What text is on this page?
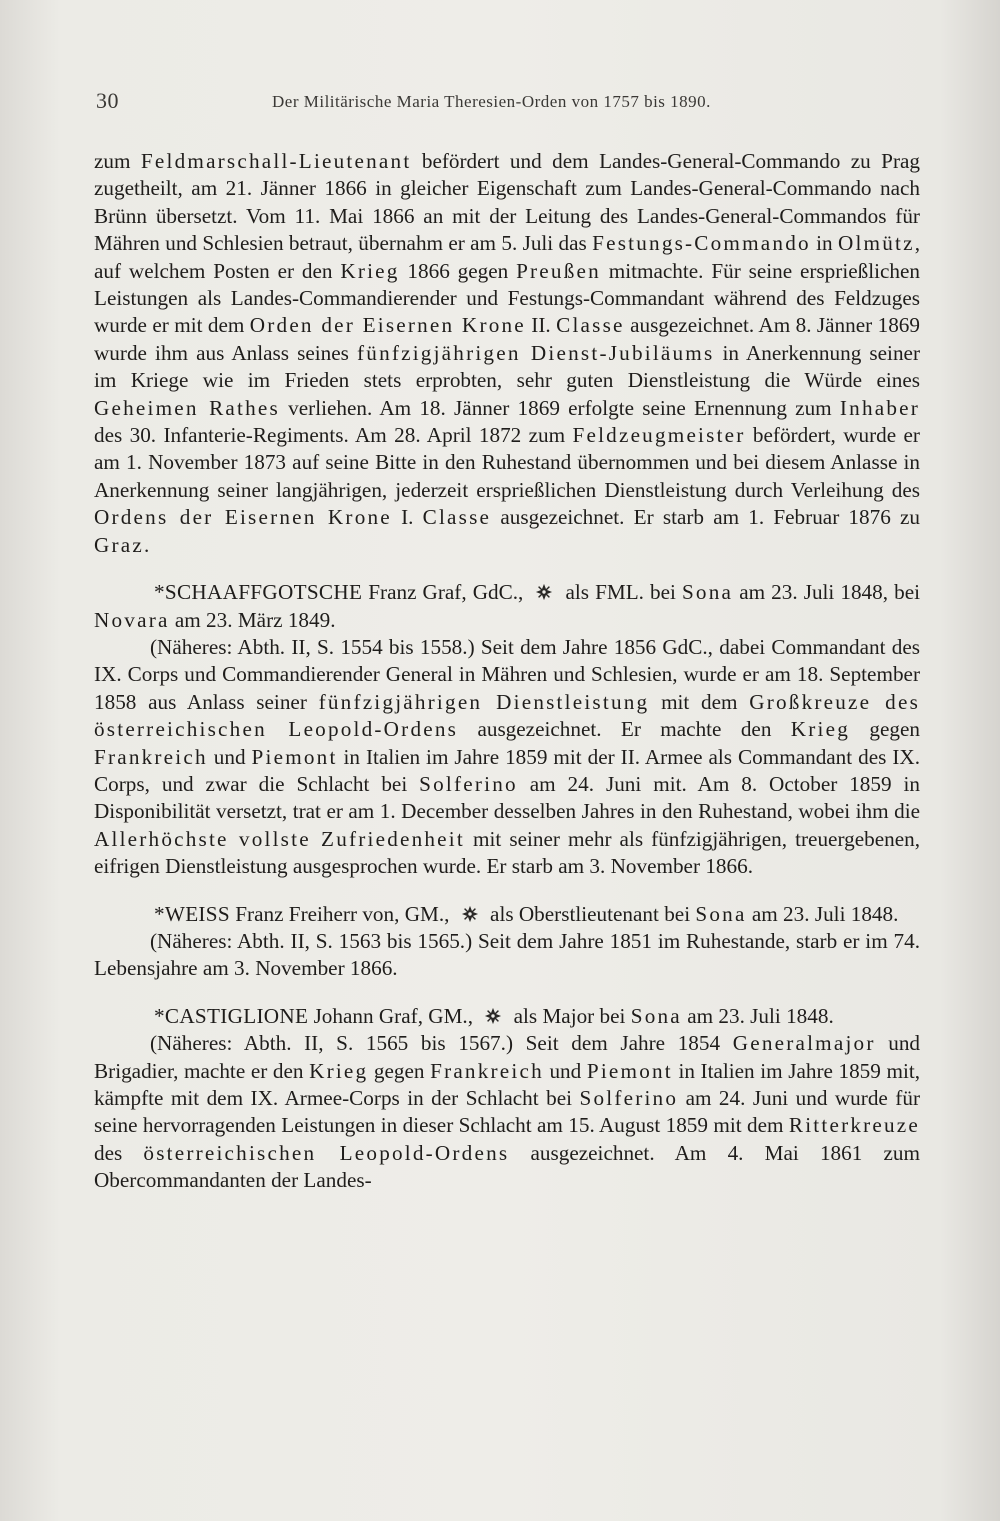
30	Der Militärische Maria Theresien-Orden von 1757 bis 1890.

zum Feldmarschall-Lieutenant befördert und dem Landes-General-Commando zu Prag zugetheilt, am 21. Jänner 1866 in gleicher Eigenschaft zum Landes-General-Commando nach Brünn übersetzt. Vom 11. Mai 1866 an mit der Leitung des Landes-General-Commandos für Mähren und Schlesien betraut, übernahm er am 5. Juli das Festungs-Commando in Olmütz, auf welchem Posten er den Krieg 1866 gegen Preußen mitmachte. Für seine ersprießlichen Leistungen als Landes-Commandierender und Festungs-Commandant während des Feldzuges wurde er mit dem Orden der Eisernen Krone II. Classe ausgezeichnet. Am 8. Jänner 1869 wurde ihm aus Anlass seines fünfzigjährigen Dienst-Jubiläums in Anerkennung seiner im Kriege wie im Frieden stets erprobten, sehr guten Dienstleistung die Würde eines Geheimen Rathes verliehen. Am 18. Jänner 1869 erfolgte seine Ernennung zum Inhaber des 30. Infanterie-Regiments. Am 28. April 1872 zum Feldzeugmeister befördert, wurde er am 1. November 1873 auf seine Bitte in den Ruhestand übernommen und bei diesem Anlasse in Anerkennung seiner langjährigen, jederzeit ersprießlichen Dienstleistung durch Verleihung des Ordens der Eisernen Krone I. Classe ausgezeichnet. Er starb am 1. Februar 1876 zu Graz.

*SCHAAFFGOTSCHE Franz Graf, GdC.,
als FML. bei Sona am 23. Juli 1848, bei Novara am 23. März 1849.

(Näheres: Abth. II, S. 1554 bis 1558.) Seit dem Jahre 1856 GdC., dabei Commandant des IX. Corps und Commandierender General in Mähren und Schlesien, wurde er am 18. September 1858 aus Anlass seiner fünfzigjährigen Dienstleistung mit dem Großkreuze des österreichischen Leopold-Ordens ausgezeichnet. Er machte den Krieg gegen Frankreich und Piemont in Italien im Jahre 1859 mit der II. Armee als Commandant des IX. Corps, und zwar die Schlacht bei Solferino am 24. Juni mit. Am 8. October 1859 in Disponibilität versetzt, trat er am 1. December desselben Jahres in den Ruhestand, wobei ihm die Allerhöchste vollste Zufriedenheit mit seiner mehr als fünfzigjährigen, treuergebenen, eifrigen Dienstleistung ausgesprochen wurde. Er starb am 3. November 1866.

*WEISS Franz Freiherr von, GM.,
als Oberstlieutenant bei Sona am 23. Juli 1848.

(Näheres: Abth. II, S. 1563 bis 1565.) Seit dem Jahre 1851 im Ruhestande, starb er im 74. Lebensjahre am 3. November 1866.

*CASTIGLIONE Johann Graf, GM.,
als Major bei Sona am 23. Juli 1848.

(Näheres: Abth. II, S. 1565 bis 1567.) Seit dem Jahre 1854 Generalmajor und Brigadier, machte er den Krieg gegen Frankreich und Piemont in Italien im Jahre 1859 mit, kämpfte mit dem IX. Armee-Corps in der Schlacht bei Solferino am 24. Juni und wurde für seine hervorragenden Leistungen in dieser Schlacht am 15. August 1859 mit dem Ritterkreuze des österreichischen Leopold-Ordens ausgezeichnet. Am 4. Mai 1861 zum Obercommandanten der Landes-
